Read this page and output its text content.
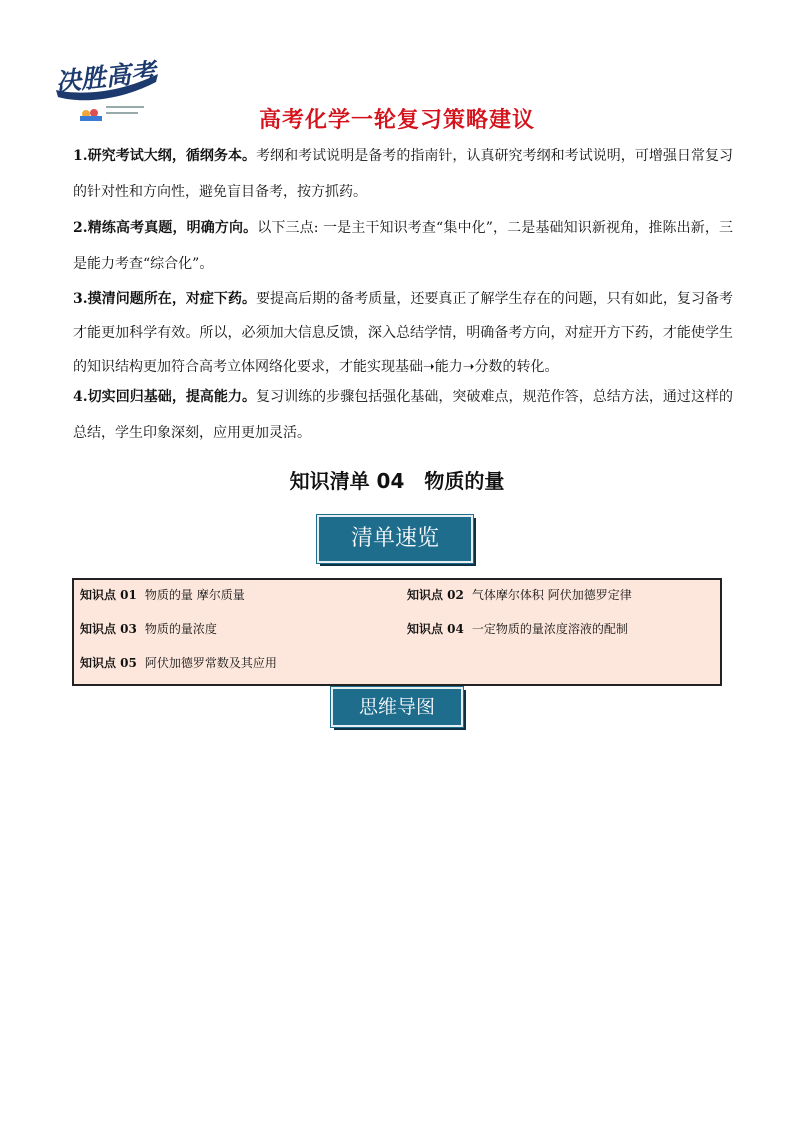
决胜高考
高考化学一轮复习策略建议
1.研究考试大纲，循纲务本。考纲和考试说明是备考的指南针，认真研究考纲和考试说明，可增强日常复习的针对性和方向性，避免盲目备考，按方抓药。
2.精练高考真题，明确方向。以下三点: 一是主干知识考查“集中化”，二是基础知识新视角，推陈出新，三是能力考查“综合化”。
3.摸清问题所在，对症下药。要提高后期的备考质量，还要真正了解学生存在的问题，只有如此，复习备考才能更加科学有效。所以，必须加大信息反馈，深入总结学情，明确备考方向，对症开方下药，才能使学生的知识结构更加符合高考立体网络化要求，才能实现基础➝能力➝分数的转化。
4.切实回归基础，提高能力。复习训练的步骤包括强化基础，突破难点，规范作答，总结方法，通过这样的总结，学生印象深刻，应用更加灵活。
知识清单 04　物质的量
清单速览
知识点 01 物质的量 摩尔质量	知识点 02 气体摩尔体积 阿伏加德罗定律
知识点 03 物质的量浓度	知识点 04 一定物质的量浓度溶液的配制
知识点 05 阿伏加德罗常数及其应用
思维导图
